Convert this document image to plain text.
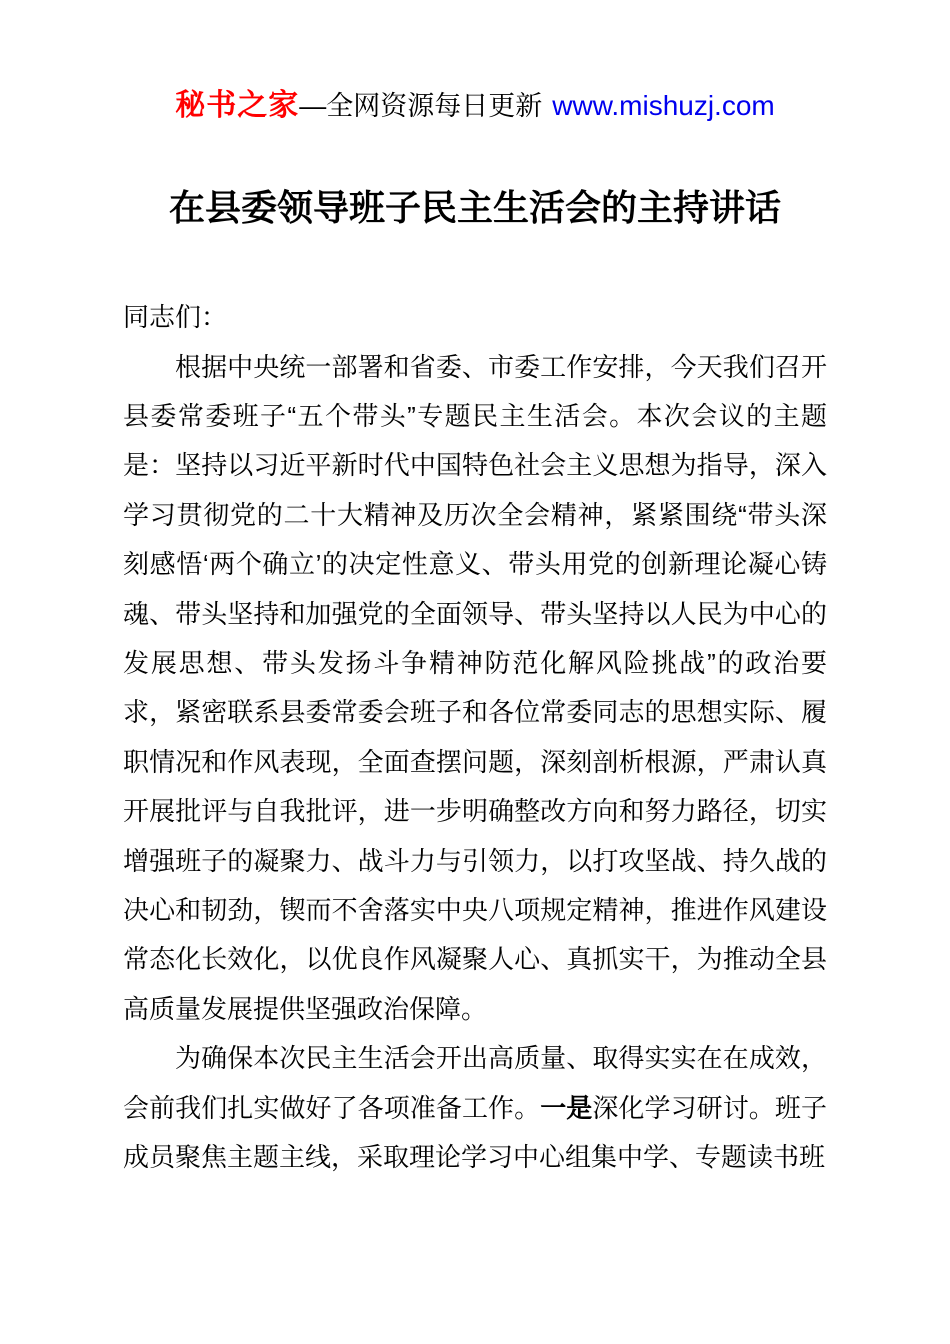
秘书之家—全网资源每日更新 www.mishuzj.com
在县委领导班子民主生活会的主持讲话

同志们：

根据中央统一部署和省委、市委工作安排，今天我们召开县委常委班子“五个带头”专题民主生活会。本次会议的主题是：坚持以习近平新时代中国特色社会主义思想为指导，深入学习贯彻党的二十大精神及历次全会精神，紧紧围绕“带头深刻感悟‘两个确立’的决定性意义、带头用党的创新理论凝心铸魂、带头坚持和加强党的全面领导、带头坚持以人民为中心的发展思想、带头发扬斗争精神防范化解风险挑战”的政治要求，紧密联系县委常委会班子和各位常委同志的思想实际、履职情况和作风表现，全面查摆问题，深刻剖析根源，严肃认真开展批评与自我批评，进一步明确整改方向和努力路径，切实增强班子的凝聚力、战斗力与引领力，以打攻坚战、持久战的决心和韧劲，锲而不舍落实中央八项规定精神，推进作风建设常态化长效化，以优良作风凝聚人心、真抓实干，为推动全县高质量发展提供坚强政治保障。

为确保本次民主生活会开出高质量、取得实实在在成效，会前我们扎实做好了各项准备工作。一是深化学习研讨。班子成员聚焦主题主线，采取理论学习中心组集中学、专题读书班
